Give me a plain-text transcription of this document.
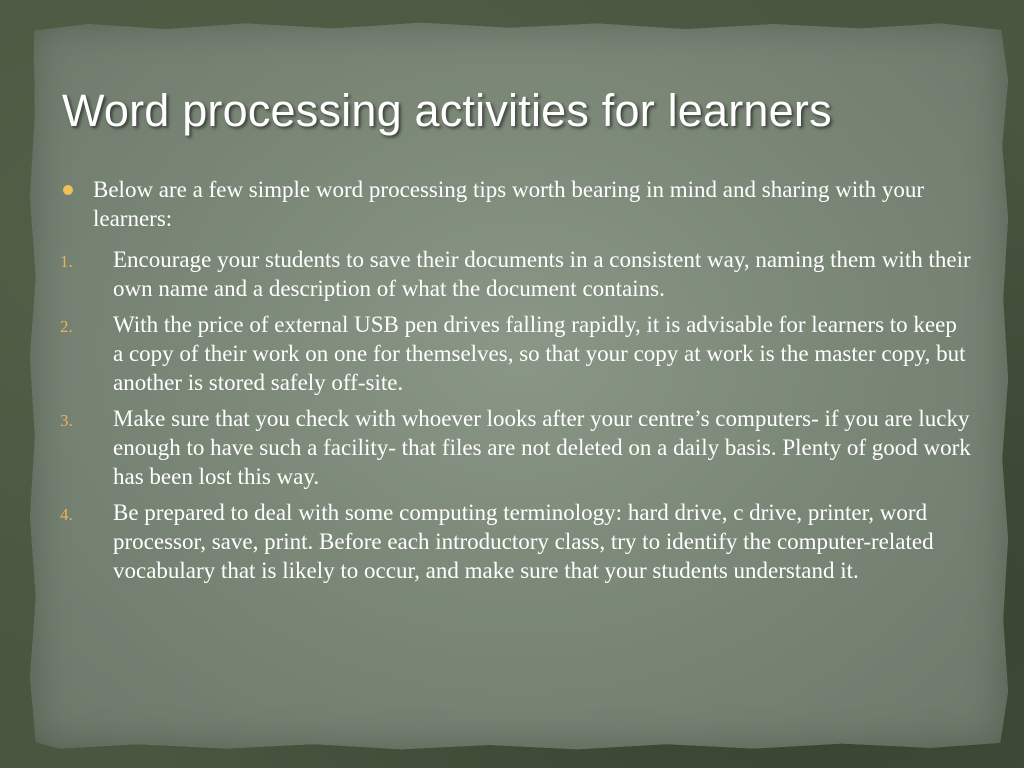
Word processing activities for learners
Below are a few simple word processing tips worth bearing in mind and sharing with your learners:
1. Encourage your students to save their documents in a consistent way, naming them with their own name and a description of what the document contains.
2. With the price of external USB pen drives falling rapidly, it is advisable for learners to keep a copy of their work on one for themselves, so that your copy at work is the master copy, but another is stored safely off-site.
3. Make sure that you check with whoever looks after your centre’s computers- if you are lucky enough to have such a facility- that files are not deleted on a daily basis. Plenty of good work has been lost this way.
4. Be prepared to deal with some computing terminology: hard drive, c drive, printer, word processor, save, print. Before each introductory class, try to identify the computer-related vocabulary that is likely to occur, and make sure that your students understand it.
